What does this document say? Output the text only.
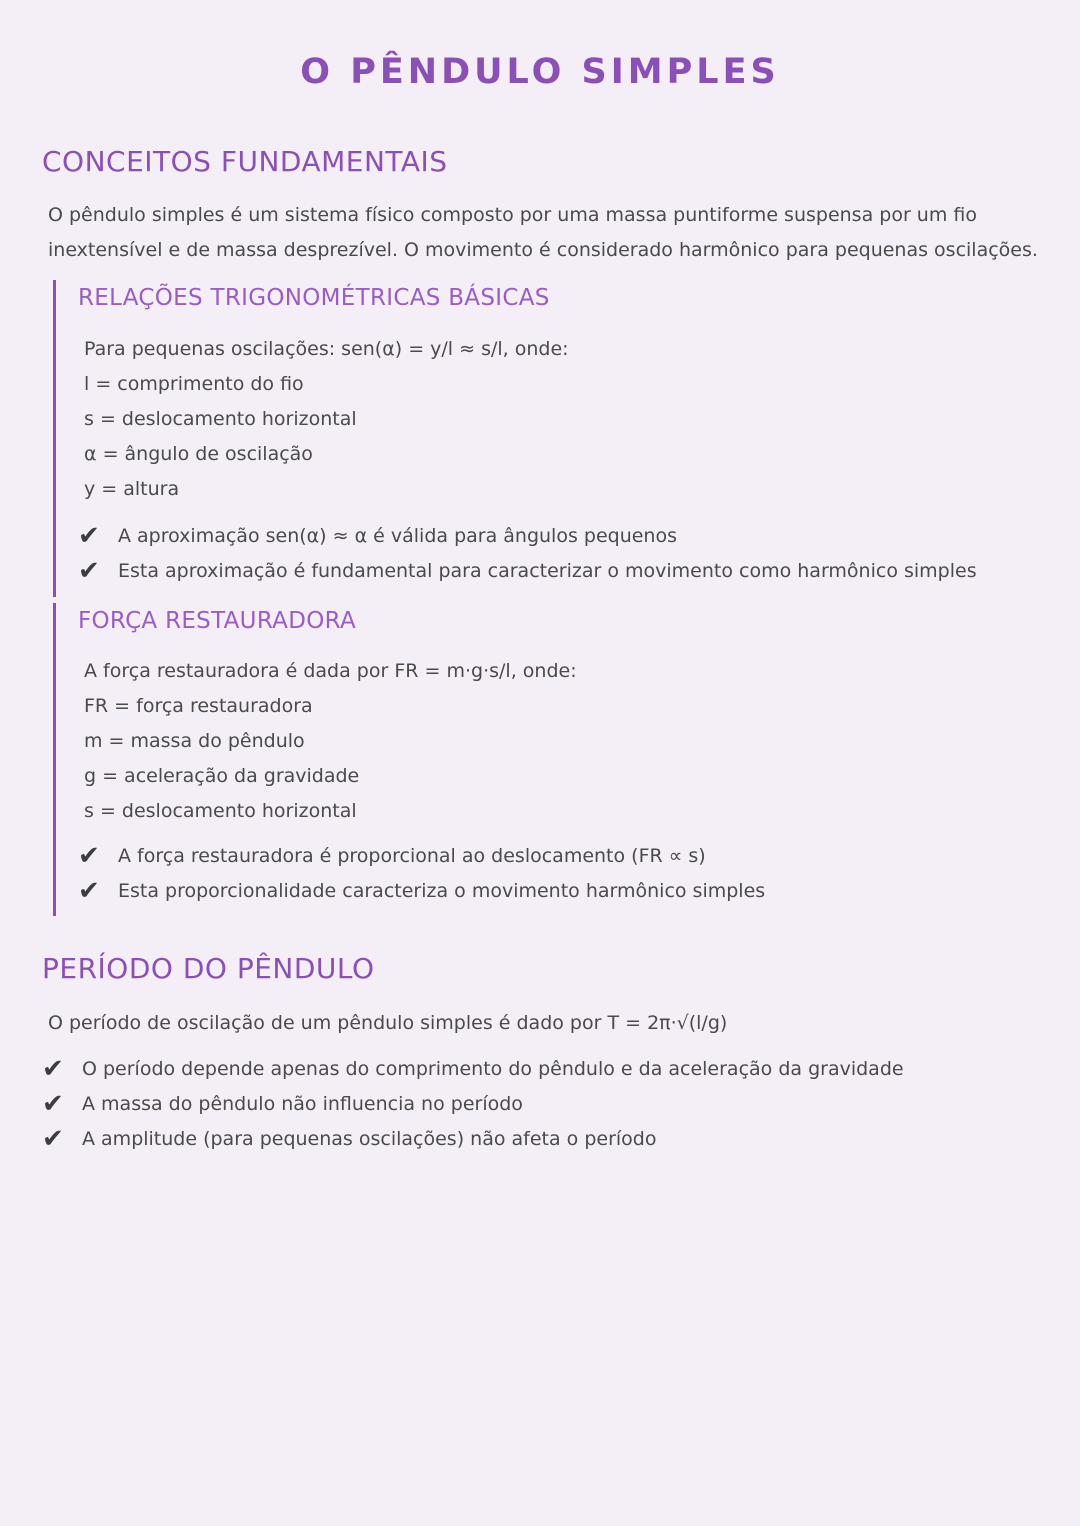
O PÊNDULO SIMPLES
CONCEITOS FUNDAMENTAIS
O pêndulo simples é um sistema físico composto por uma massa puntiforme suspensa por um fio
inextensível e de massa desprezível. O movimento é considerado harmônico para pequenas oscilações.
RELAÇÕES TRIGONOMÉTRICAS BÁSICAS
Para pequenas oscilações: sen(α) = y/l ≈ s/l, onde:
l = comprimento do fio
s = deslocamento horizontal
α = ângulo de oscilação
y = altura
✔ A aproximação sen(α) ≈ α é válida para ângulos pequenos
✔ Esta aproximação é fundamental para caracterizar o movimento como harmônico simples
FORÇA RESTAURADORA
A força restauradora é dada por FR = m·g·s/l, onde:
FR = força restauradora
m = massa do pêndulo
g = aceleração da gravidade
s = deslocamento horizontal
✔ A força restauradora é proporcional ao deslocamento (FR ∝ s)
✔ Esta proporcionalidade caracteriza o movimento harmônico simples
PERÍODO DO PÊNDULO
O período de oscilação de um pêndulo simples é dado por T = 2π·√(l/g)
✔ O período depende apenas do comprimento do pêndulo e da aceleração da gravidade
✔ A massa do pêndulo não influencia no período
✔ A amplitude (para pequenas oscilações) não afeta o período
